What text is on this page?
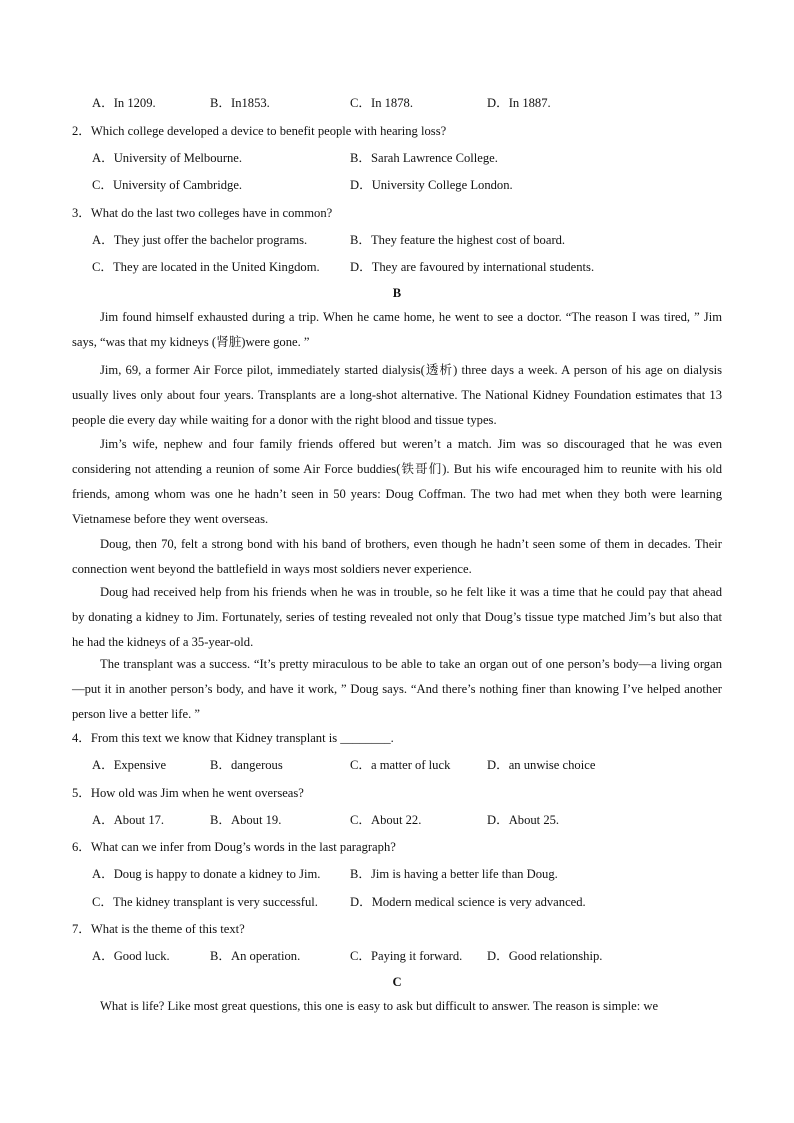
A．In 1209.	B．In1853.	C．In 1878.	D．In 1887.
2．Which college developed a device to benefit people with hearing loss?
A．University of Melbourne.	B．Sarah Lawrence College.
C．University of Cambridge.	D．University College London.
3．What do the last two colleges have in common?
A．They just offer the bachelor programs.	B．They feature the highest cost of board.
C．They are located in the United Kingdom. D．They are favoured by international students.
B

Jim found himself exhausted during a trip. When he came home, he went to see a doctor. “The reason I was tired, ” Jim says, “was that my kidneys (肾脏)were gone. ”

Jim, 69, a former Air Force pilot, immediately started dialysis(透析) three days a week. A person of his age on dialysis usually lives only about four years. Transplants are a long-shot alternative. The National Kidney Foundation estimates that 13 people die every day while waiting for a donor with the right blood and tissue types.

Jim’s wife, nephew and four family friends offered but weren’t a match. Jim was so discouraged that he was even considering not attending a reunion of some Air Force buddies(铁哥们). But his wife encouraged him to reunite with his old friends, among whom was one he hadn’t seen in 50 years: Doug Coffman. The two had met when they both were learning Vietnamese before they went overseas.

Doug, then 70, felt a strong bond with his band of brothers, even though he hadn’t seen some of them in decades. Their connection went beyond the battlefield in ways most soldiers never experience.

Doug had received help from his friends when he was in trouble, so he felt like it was a time that he could pay that ahead by donating a kidney to Jim. Fortunately, series of testing revealed not only that Doug’s tissue type matched Jim’s but also that he had the kidneys of a 35-year-old.

The transplant was a success. “It’s pretty miraculous to be able to take an organ out of one person’s body—a living organ—put it in another person’s body, and have it work, ” Doug says. “And there’s nothing finer than knowing I’ve helped another person live a better life. ”

4．From this text we know that Kidney transplant is ________.
A．Expensive	B．dangerous	C．a matter of luck	D．an unwise choice
5．How old was Jim when he went overseas?
A．About 17.	B．About 19.	C．About 22.	D．About 25.
6．What can we infer from Doug’s words in the last paragraph?
A．Doug is happy to donate a kidney to Jim. B．Jim is having a better life than Doug.
C．The kidney transplant is very successful.	D．Modern medical science is very advanced.
7．What is the theme of this text?
A．Good luck.	B．An operation.	C．Paying it forward. D．Good relationship.
C

What is life? Like most great questions, this one is easy to ask but difficult to answer. The reason is simple: we
